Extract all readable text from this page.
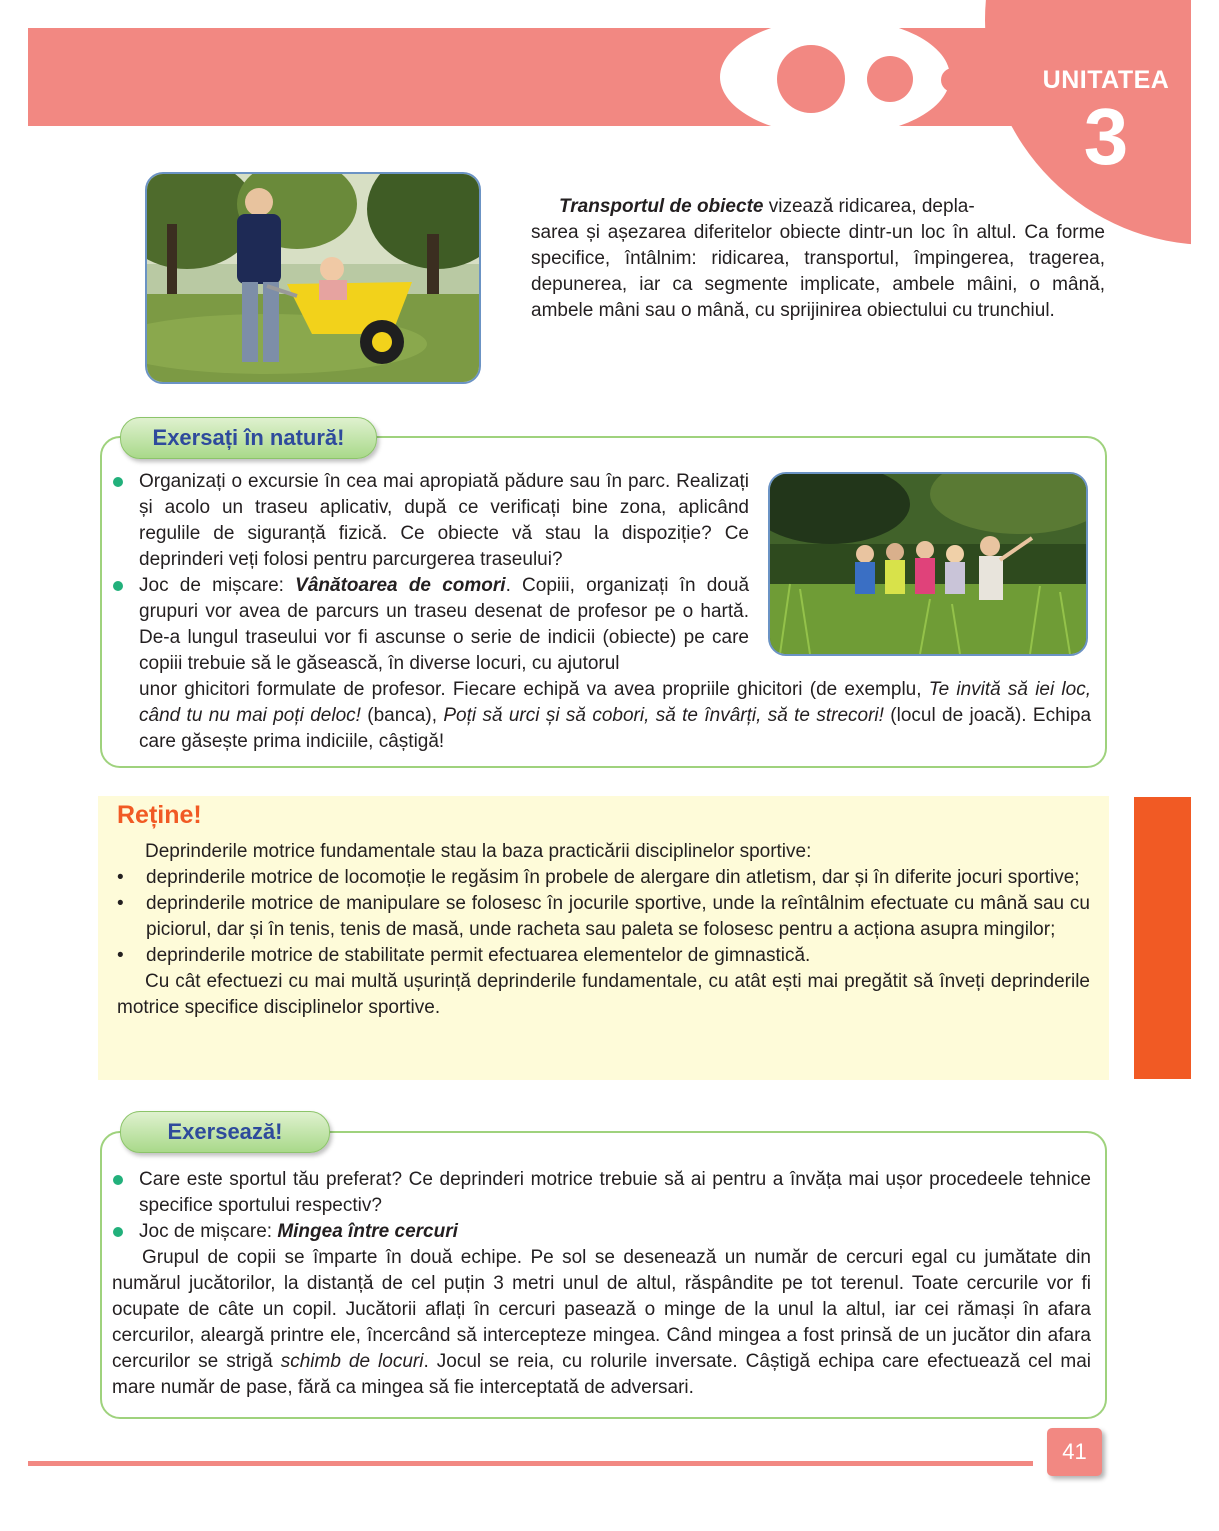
UNITATEA
3
Transportul de obiecte vizează ridicarea, depla-
sarea și așezarea diferitelor obiecte dintr-un loc în altul. Ca forme specifice, întâlnim: ridicarea, transportul, împingerea, tragerea, depunerea, iar ca segmente implicate, ambele mâini, o mână, ambele mâni sau o mână, cu sprijinirea obiectului cu trunchiul.
Exersați în natură!
Organizați o excursie în cea mai apropiată pădure sau în parc. Realizați și acolo un traseu aplicativ, după ce verificați bine zona, aplicând regulile de siguranță fizică. Ce obiecte vă stau la dispoziție? Ce deprinderi veți folosi pentru parcurgerea traseului?
Joc de mișcare: Vânătoarea de comori. Copiii, organizați în două grupuri vor avea de parcurs un traseu desenat de profesor pe o hartă. De-a lungul traseului vor fi ascunse o serie de indicii (obiecte) pe care copiii trebuie să le găsească, în diverse locuri, cu ajutorul
unor ghicitori formulate de profesor. Fiecare echipă va avea propriile ghicitori (de exemplu, Te invită să iei loc, când tu nu mai poți deloc! (banca), Poți să urci și să cobori, să te învârți, să te strecori! (locul de joacă). Echipa care găsește prima indiciile, câștigă!
Reține!

Deprinderile motrice fundamentale stau la baza practicării disciplinelor sportive:

• deprinderile motrice de locomoție le regăsim în probele de alergare din atletism, dar și în diferite jocuri sportive;
• deprinderile motrice de manipulare se folosesc în jocurile sportive, unde la reîntâlnim efectuate cu mână sau cu piciorul, dar și în tenis, tenis de masă, unde racheta sau paleta se folosesc pentru a acționa asupra mingilor;
• deprinderile motrice de stabilitate permit efectuarea elementelor de gimnastică.

Cu cât efectuezi cu mai multă ușurință deprinderile fundamentale, cu atât ești mai pregătit să înveți deprinderile motrice specifice disciplinelor sportive.

Exersează!
Care este sportul tău preferat? Ce deprinderi motrice trebuie să ai pentru a învăța mai ușor procedeele tehnice specifice sportului respectiv?
Joc de mișcare: Mingea între cercuri
Grupul de copii se împarte în două echipe. Pe sol se desenează un număr de cercuri egal cu jumătate din numărul jucătorilor, la distanță de cel puțin 3 metri unul de altul, răspândite pe tot terenul. Toate cercurile vor fi ocupate de câte un copil. Jucătorii aflați în cercuri pasează o minge de la unul la altul, iar cei rămași în afara cercurilor, aleargă printre ele, încercând să intercepteze mingea. Când mingea a fost prinsă de un jucător din afara cercurilor se strigă schimb de locuri. Jocul se reia, cu rolurile inversate. Câștigă echipa care efectuează cel mai mare număr de pase, fără ca mingea să fie interceptată de adversari.
41
